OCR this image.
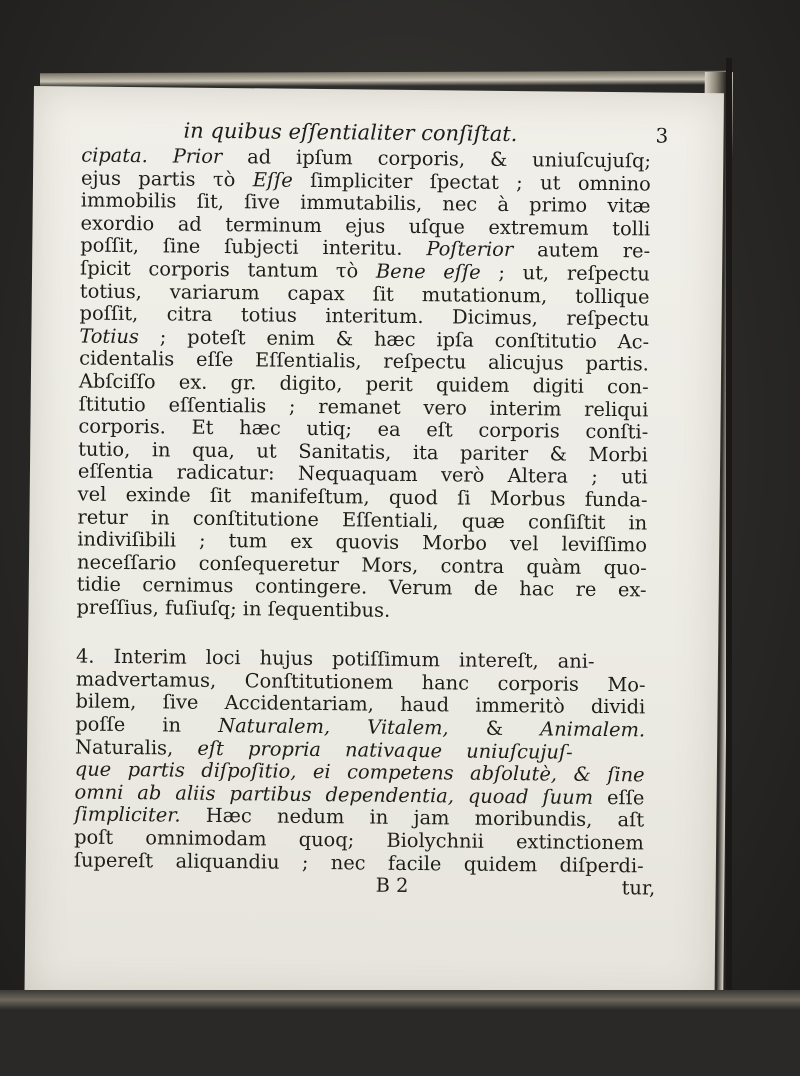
in quibus eſſentialiter conſiſtat.	3
cipata. Prior ad ipſum corporis, & uniuſcujuſq;
ejus partis τὸ Eſſe ſimpliciter ſpectat ; ut omnino
immobilis ſit, ſive immutabilis, nec à primo vitæ
exordio ad terminum ejus uſque extremum tolli
poſſit, ſine ſubjecti interitu. Poſterior autem re-
ſpicit corporis tantum τὸ Bene eſſe ; ut, reſpectu
totius, variarum capax ſit mutationum, tollique
poſſit, citra totius interitum. Dicimus, reſpectu
Totius ; poteſt enim & hæc ipſa conſtitutio Ac-
cidentalis eſſe Eſſentialis, reſpectu alicujus partis.
Abſciſſo ex. gr. digito, perit quidem digiti con-
ſtitutio eſſentialis ; remanet vero interim reliqui
corporis. Et hæc utiq; ea eſt corporis conſti-
tutio, in qua, ut Sanitatis, ita pariter & Morbi
eſſentia radicatur: Nequaquam verò Altera ; uti
vel exinde ſit manifeſtum, quod ſi Morbus funda-
retur in conſtitutione Eſſentiali, quæ conſiſtit in
indiviſibili ; tum ex quovis Morbo vel leviſſimo
neceſſario conſequeretur Mors, contra quàm quo-
tidie cernimus contingere. Verum de hac re ex-
preſſius, fuſiuſq; in ſequentibus.
4. Interim loci hujus potiſſimum intereſt, ani-
madvertamus, Conſtitutionem hanc corporis Mo-
bilem, ſive Accidentariam, haud immeritò dividi
poſſe in Naturalem, Vitalem, & Animalem.
Naturalis, eſt propria nativaque uniuſcujuſ-
que partis diſpoſitio, ei competens abſolutè, & ſine
omni ab aliis partibus dependentia, quoad ſuum eſſe
ſimpliciter. Hæc nedum in jam moribundis, aſt
poſt omnimodam quoq; Biolychnii extinctionem
ſupereſt aliquandiu ; nec facile quidem diſperdi-
B 2	tur,
